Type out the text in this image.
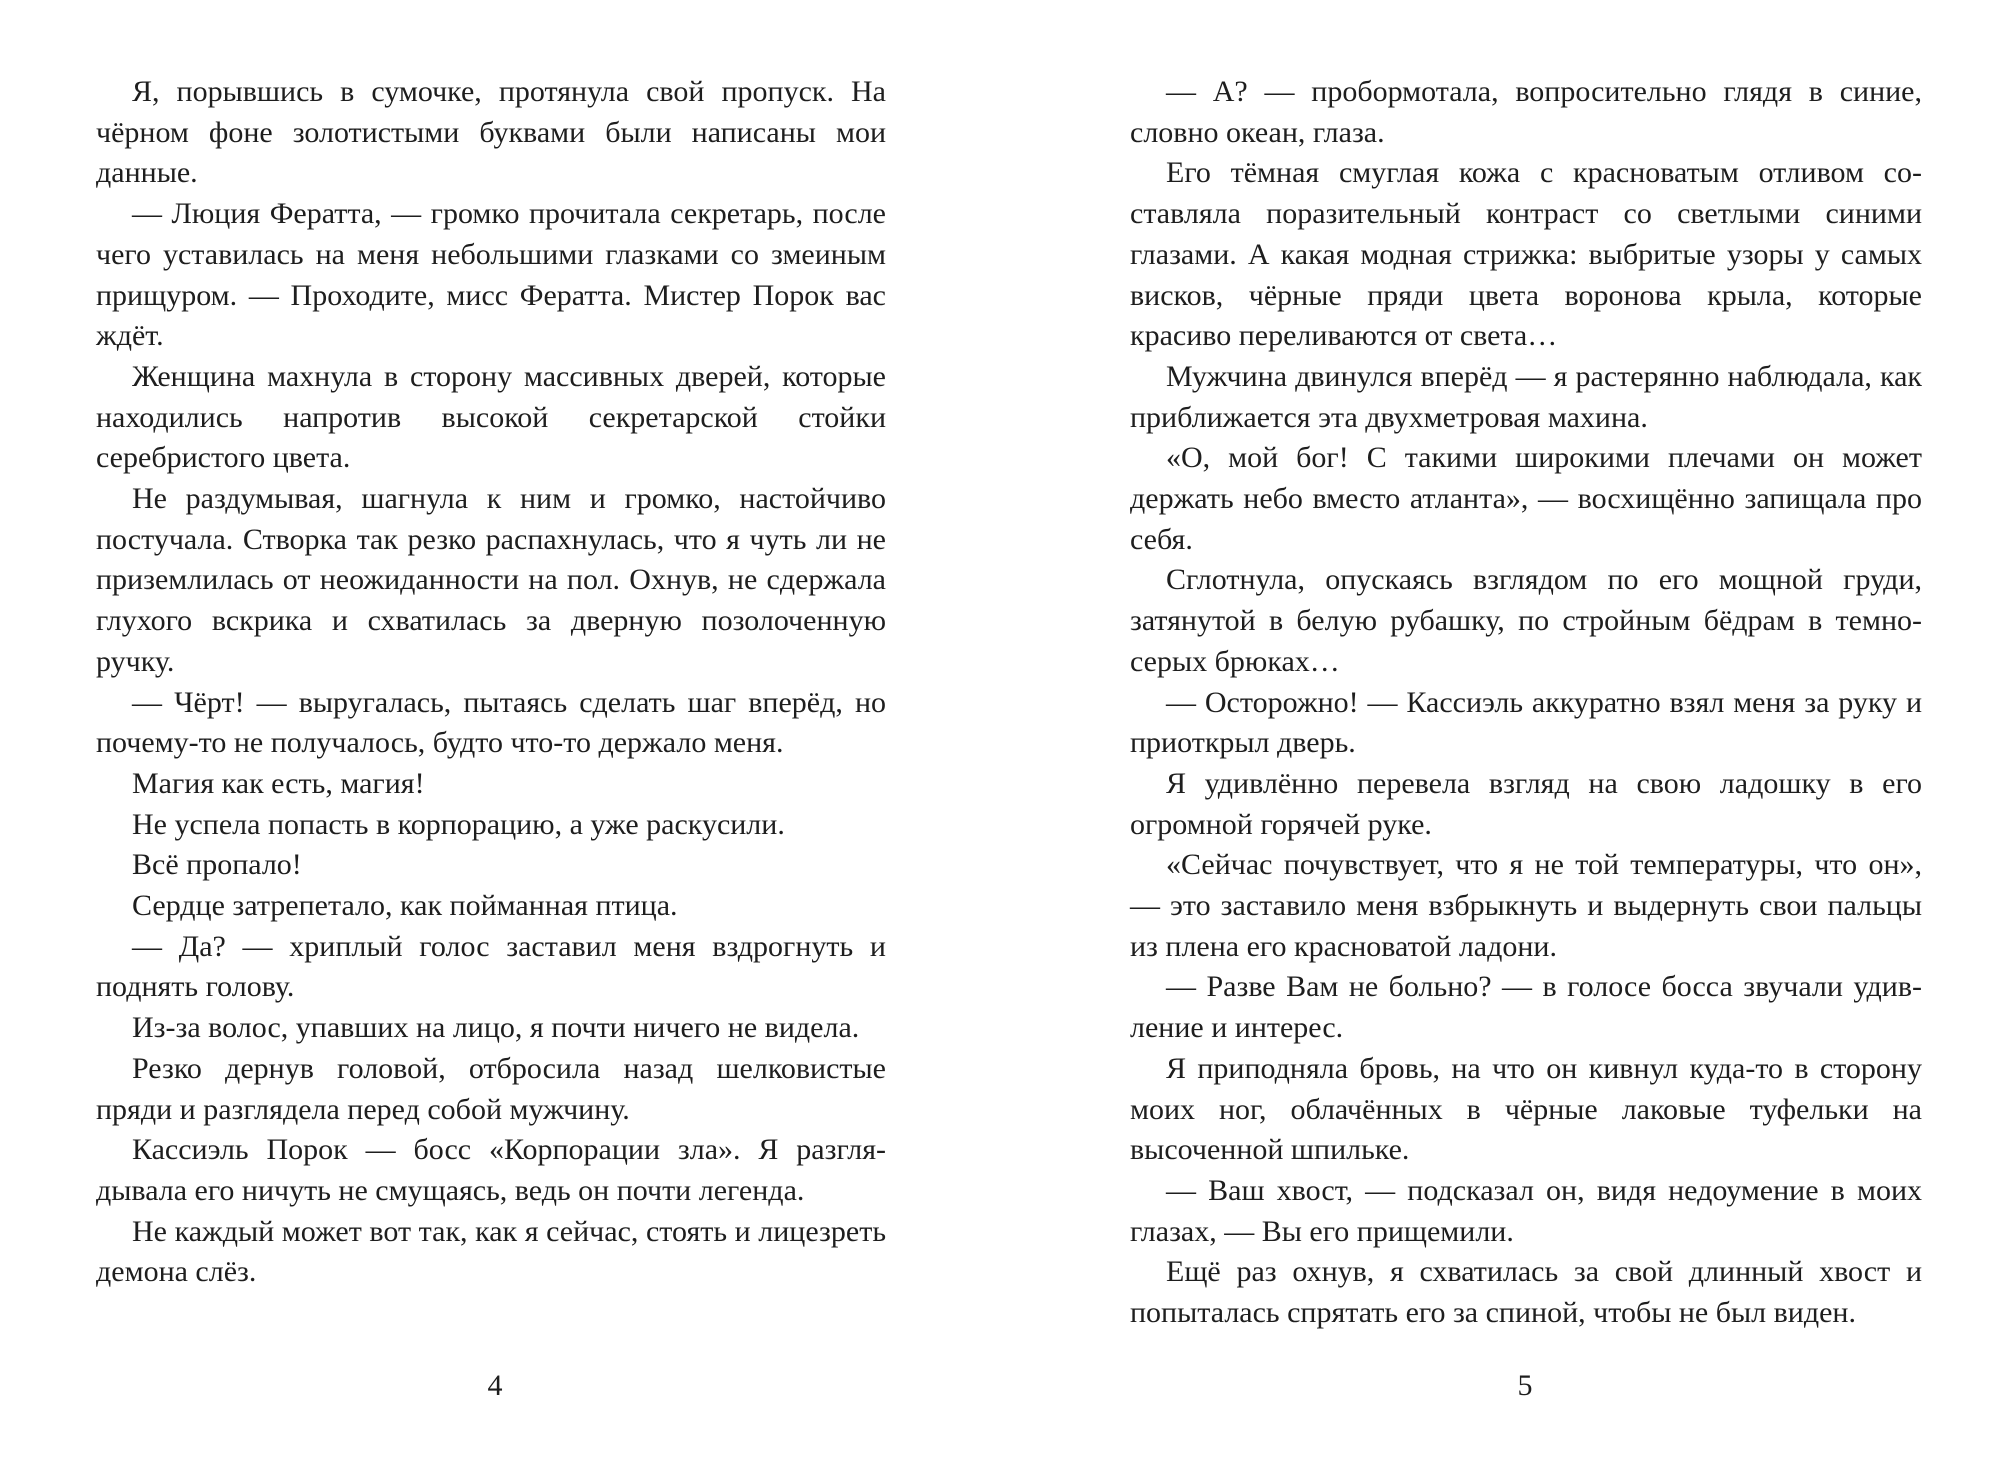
Я, порывшись в сумочке, протянула свой пропуск. На чёрном фоне золотистыми буквами были написаны мои данные.

— Люция Фератта, — громко прочитала секретарь, после чего уставилась на меня небольшими глазками со змеиным прищуром. — Проходите, мисс Фератта. Мистер Порок вас ждёт.

Женщина махнула в сторону массивных дверей, которые находились напротив высокой секретарской стойки серебристого цвета.

Не раздумывая, шагнула к ним и громко, настойчиво постучала. Створка так резко распахнулась, что я чуть ли не приземлилась от неожиданности на пол. Охнув, не сдержала глухого вскрика и схватилась за дверную позолоченную ручку.

— Чёрт! — выругалась, пытаясь сделать шаг вперёд, но почему-то не получалось, будто что-то держало меня.

Магия как есть, магия!

Не успела попасть в корпорацию, а уже раскусили.

Всё пропало!

Сердце затрепетало, как пойманная птица.

— Да? — хриплый голос заставил меня вздрогнуть и поднять голову.

Из-за волос, упавших на лицо, я почти ничего не видела.

Резко дернув головой, отбросила назад шелковистые пряди и разглядела перед собой мужчину.

Кассиэль Порок — босс «Корпорации зла». Я разглядывала его ничуть не смущаясь, ведь он почти легенда.

Не каждый может вот так, как я сейчас, стоять и лицезреть демона слёз.

4

— А? — пробормотала, вопросительно глядя в синие, словно океан, глаза.

Его тёмная смуглая кожа с красноватым отливом составляла поразительный контраст со светлыми синими глазами. А какая модная стрижка: выбритые узоры у самых висков, чёрные пряди цвета воронова крыла, которые красиво переливаются от света…

Мужчина двинулся вперёд — я растерянно наблюдала, как приближается эта двухметровая махина.

«О, мой бог! С такими широкими плечами он может держать небо вместо атланта», — восхищённо запищала про себя.

Сглотнула, опускаясь взглядом по его мощной груди, затянутой в белую рубашку, по стройным бёдрам в темно-серых брюках…

— Осторожно! — Кассиэль аккуратно взял меня за руку и приоткрыл дверь.

Я удивлённо перевела взгляд на свою ладошку в его огромной горячей руке.

«Сейчас почувствует, что я не той температуры, что он», — это заставило меня взбрыкнуть и выдернуть свои пальцы из плена его красноватой ладони.

— Разве Вам не больно? — в голосе босса звучали удивление и интерес.

Я приподняла бровь, на что он кивнул куда-то в сторону моих ног, облачённых в чёрные лаковые туфельки на высоченной шпильке.

— Ваш хвост, — подсказал он, видя недоумение в моих глазах, — Вы его прищемили.

Ещё раз охнув, я схватилась за свой длинный хвост и попыталась спрятать его за спиной, чтобы не был виден.

5
